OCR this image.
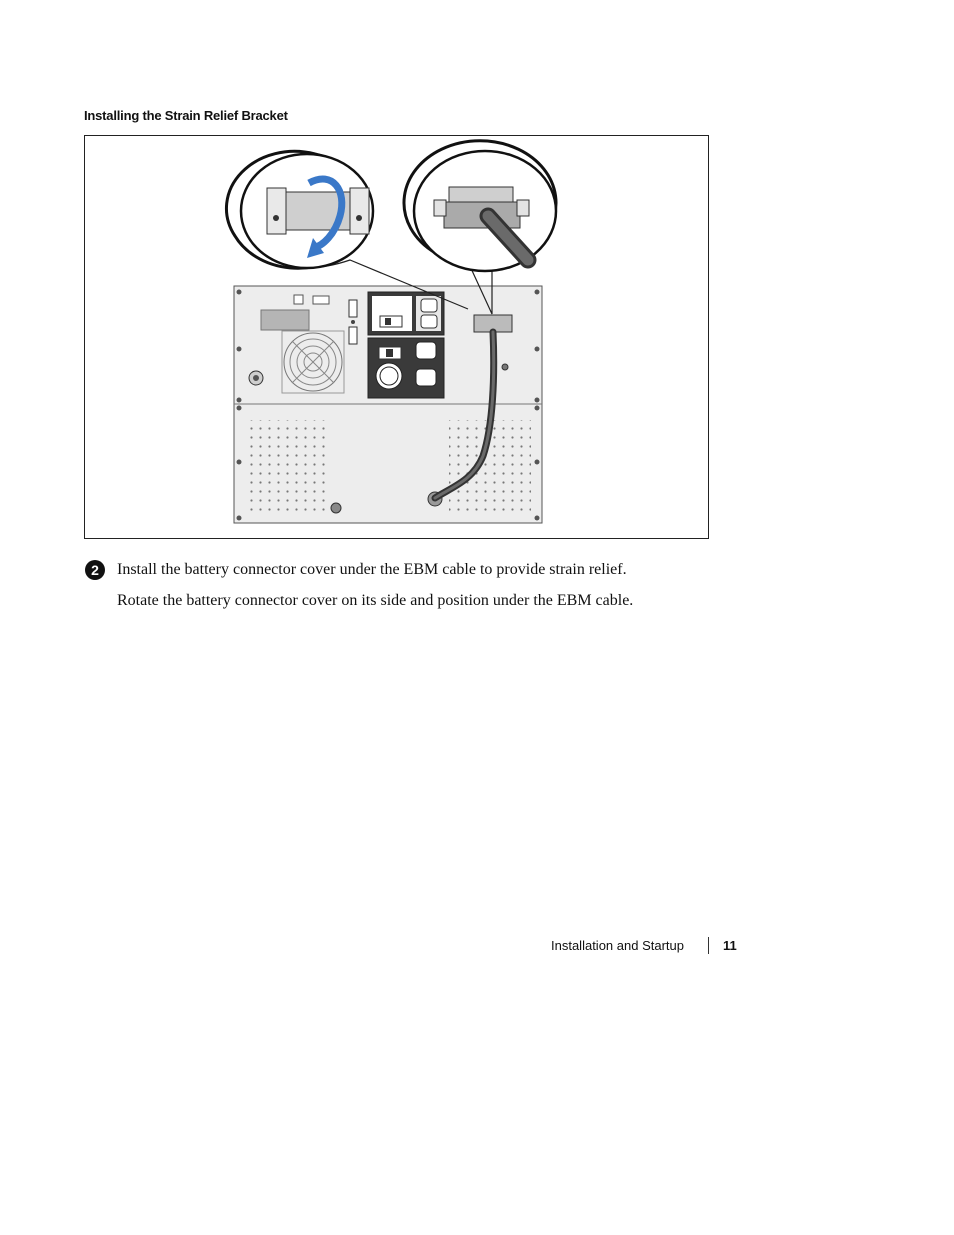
Installing the Strain Relief Bracket
2	Install the battery connector cover under the EBM cable to provide strain relief.

Rotate the battery connector cover on its side and position under the EBM cable.

Installation and Startup	11
